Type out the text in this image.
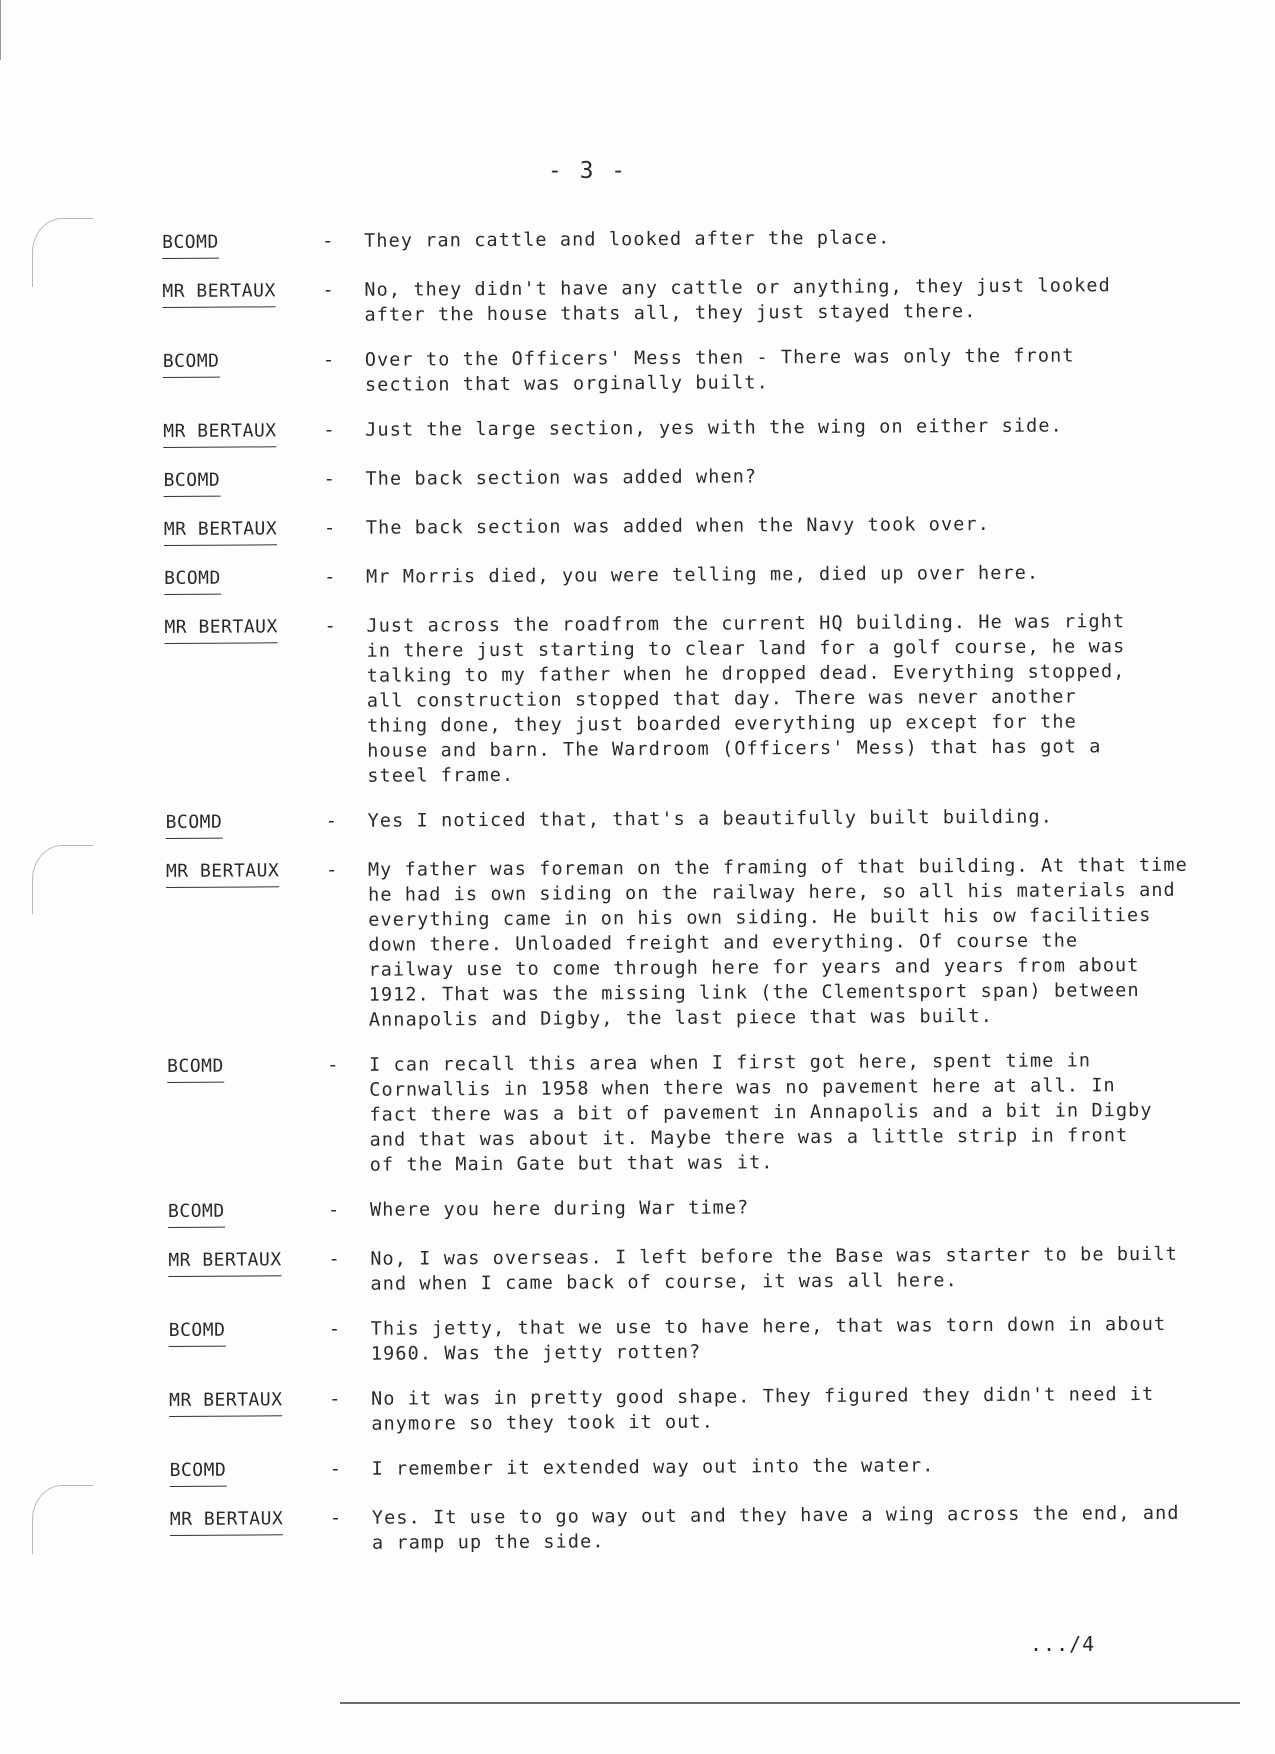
- 3 -
BCOMD	-	They ran cattle and looked after the place.
MR BERTAUX	-	No, they didn't have any cattle or anything, they just looked
after the house thats all, they just stayed there.
BCOMD	-	Over to the Officers' Mess then - There was only the front
section that was orginally built.
MR BERTAUX	-	Just the large section, yes with the wing on either side.
BCOMD	-	The back section was added when?
MR BERTAUX	-	The back section was added when the Navy took over.
BCOMD	-	Mr Morris died, you were telling me, died up over here.
MR BERTAUX	-	Just across the roadfrom the current HQ building. He was right
in there just starting to clear land for a golf course, he was
talking to my father when he dropped dead. Everything stopped,
all construction stopped that day. There was never another
thing done, they just boarded everything up except for the
house and barn. The Wardroom (Officers' Mess) that has got a
steel frame.
BCOMD	-	Yes I noticed that, that's a beautifully built building.
MR BERTAUX	-	My father was foreman on the framing of that building. At that time
he had is own siding on the railway here, so all his materials and
everything came in on his own siding. He built his ow facilities
down there. Unloaded freight and everything. Of course the
railway use to come through here for years and years from about
1912. That was the missing link (the Clementsport span) between
Annapolis and Digby, the last piece that was built.
BCOMD	-	I can recall this area when I first got here, spent time in
Cornwallis in 1958 when there was no pavement here at all. In
fact there was a bit of pavement in Annapolis and a bit in Digby
and that was about it. Maybe there was a little strip in front
of the Main Gate but that was it.
BCOMD	-	Where you here during War time?
MR BERTAUX	-	No, I was overseas. I left before the Base was starter to be built
and when I came back of course, it was all here.
BCOMD	-	This jetty, that we use to have here, that was torn down in about
1960. Was the jetty rotten?
MR BERTAUX	-	No it was in pretty good shape. They figured they didn't need it
anymore so they took it out.
BCOMD	-	I remember it extended way out into the water.
MR BERTAUX	-	Yes. It use to go way out and they have a wing across the end, and
a ramp up the side.
.../4
